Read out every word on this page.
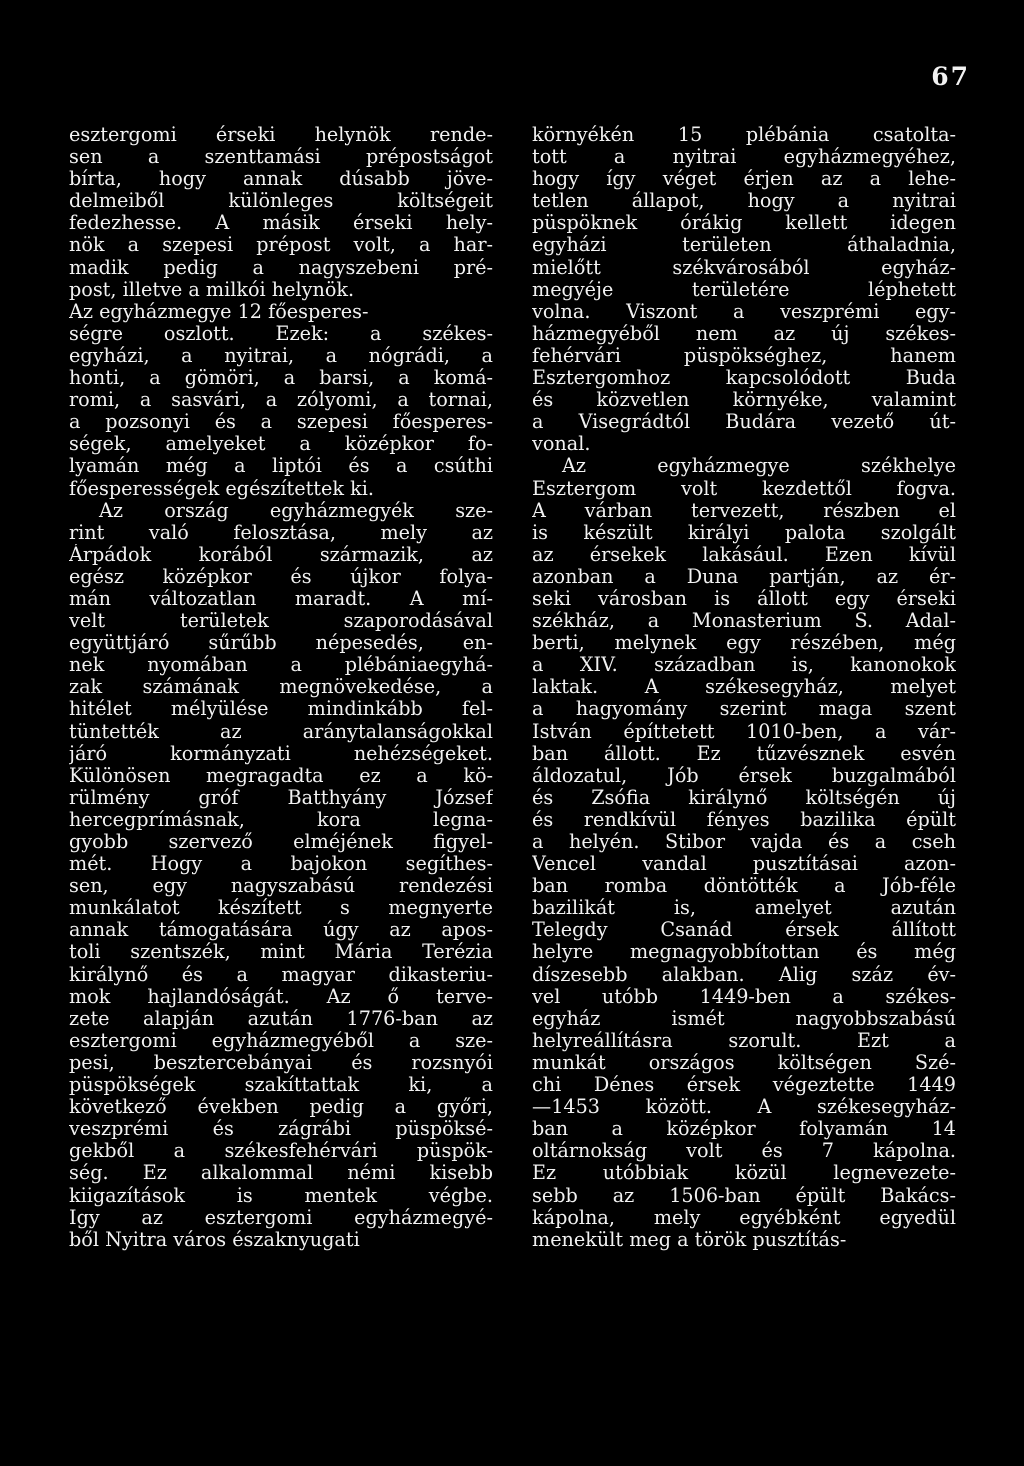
67
esztergomi érseki helynök rende-
sen a szenttamási prépostságot
bírta, hogy annak dúsabb jöve-
delmeiből különleges költségeit
fedezhesse. A másik érseki hely-
nök a szepesi prépost volt, a har-
madik pedig a nagyszebeni pré-
post, illetve a milkói helynök.
Az egyházmegye 12 főesperes-
ségre oszlott. Ezek: a székes-
egyházi, a nyitrai, a nógrádi, a
honti, a gömöri, a barsi, a komá-
romi, a sasvári, a zólyomi, a tornai,
a pozsonyi és a szepesi főesperes-
ségek, amelyeket a középkor fo-
lyamán még a liptói és a csúthi
főesperességek egészítettek ki.
Az ország egyházmegyék sze-
rint való felosztása, mely az
Árpádok korából származik, az
egész középkor és újkor folya-
mán változatlan maradt. A mí-
velt területek szaporodásával
együttjáró sűrűbb népesedés, en-
nek nyomában a plébániaegyhá-
zak számának megnövekedése, a
hitélet mélyülése mindinkább fel-
tüntették az aránytalanságokkal
járó kormányzati nehézségeket.
Különösen megragadta ez a kö-
rülmény gróf Batthyány József
hercegprímásnak, kora legna-
gyobb szervező elméjének figyel-
mét. Hogy a bajokon segíthes-
sen, egy nagyszabású rendezési
munkálatot készített s megnyerte
annak támogatására úgy az apos-
toli szentszék, mint Mária Terézia
királynő és a magyar dikasteriu-
mok hajlandóságát. Az ő terve-
zete alapján azután 1776-ban az
esztergomi egyházmegyéből a sze-
pesi, besztercebányai és rozsnyói
püspökségek szakíttattak ki, a
következő években pedig a győri,
veszprémi és zágrábi püspöksé-
gekből a székesfehérvári püspök-
ség. Ez alkalommal némi kisebb
kiigazítások is mentek végbe.
Igy az esztergomi egyházmegyé-
ből Nyitra város északnyugati
környékén 15 plébánia csatolta-
tott a nyitrai egyházmegyéhez,
hogy így véget érjen az a lehe-
tetlen állapot, hogy a nyitrai
püspöknek órákig kellett idegen
egyházi területen áthaladnia,
mielőtt székvárosából egyház-
megyéje területére léphetett
volna. Viszont a veszprémi egy-
házmegyéből nem az új székes-
fehérvári püspökséghez, hanem
Esztergomhoz kapcsolódott Buda
és közvetlen környéke, valamint
a Visegrádtól Budára vezető út-
vonal.
Az egyházmegye székhelye
Esztergom volt kezdettől fogva.
A várban tervezett, részben el
is készült királyi palota szolgált
az érsekek lakásául. Ezen kívül
azonban a Duna partján, az ér-
seki városban is állott egy érseki
székház, a Monasterium S. Adal-
berti, melynek egy részében, még
a XIV. században is, kanonokok
laktak. A székesegyház, melyet
a hagyomány szerint maga szent
István építtetett 1010-ben, a vár-
ban állott. Ez tűzvésznek esvén
áldozatul, Jób érsek buzgalmából
és Zsófia királynő költségén új
és rendkívül fényes bazilika épült
a helyén. Stibor vajda és a cseh
Vencel vandal pusztításai azon-
ban romba döntötték a Jób-féle
bazilikát is, amelyet azután
Telegdy Csanád érsek állított
helyre megnagyobbítottan és még
díszesebb alakban. Alig száz év-
vel utóbb 1449-ben a székes-
egyház ismét nagyobbszabású
helyreállításra szorult. Ezt a
munkát országos költségen Szé-
chi Dénes érsek végeztette 1449
—1453 között. A székesegyház-
ban a középkor folyamán 14
oltárnokság volt és 7 kápolna.
Ez utóbbiak közül legnevezete-
sebb az 1506-ban épült Bakács-
kápolna, mely egyébként egyedül
menekült meg a török pusztítás-
